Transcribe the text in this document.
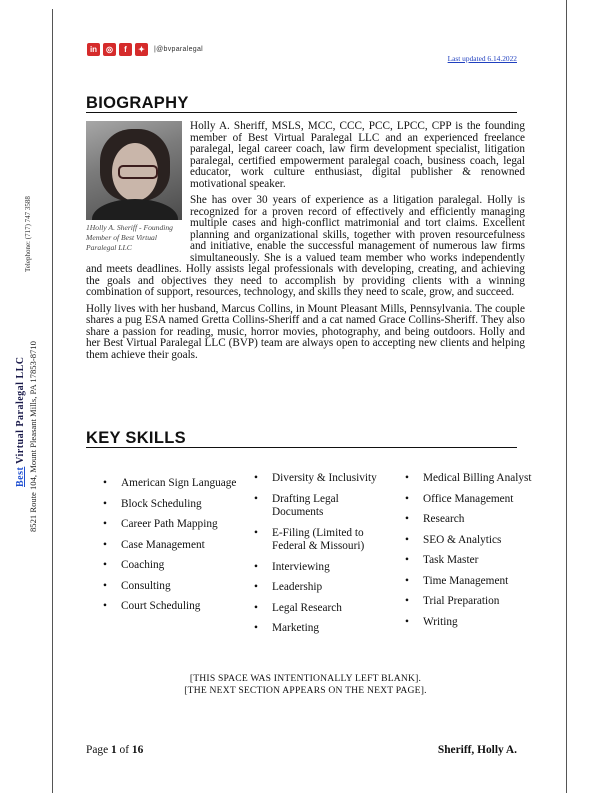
Best Virtual Paralegal LLC 8521 Route 104, Mount Pleasant Mills, PA 17853-8710
Telephone: (717) 747 3588
in	◎	f	✦	|@bvparalegal
Last updated 6.14.2022
BIOGRAPHY

Holly A. Sheriff, MSLS, MCC, CCC, PCC, LPCC, CPP is the founding member of Best Virtual Paralegal LLC and an experienced freelance paralegal, legal career coach, law firm development specialist, litigation paralegal, certified empowerment paralegal coach, business coach, legal educator, work culture enthusiast, digital publisher & renowned motivational speaker.

She has over 30 years of experience as a litigation paralegal. Holly is recognized for a proven record of effectively and efficiently managing multiple cases and high-conflict matrimonial and tort claims. Excellent planning and organizational skills, together with proven resourcefulness and initiative, enable the successful management of numerous law firms simultaneously. She is a valued team member who works independently and meets deadlines. Holly assists legal professionals with developing, creating, and achieving the goals and objectives they need to accomplish by providing clients with a winning combination of support, resources, technology, and skills they need to scale, grow, and succeed.

Holly lives with her husband, Marcus Collins, in Mount Pleasant Mills, Pennsylvania. The couple shares a pug ESA named Gretta Collins-Sheriff and a cat named Grace Collins-Sheriff. They also share a passion for reading, music, horror movies, photography, and being outdoors. Holly and her Best Virtual Paralegal LLC (BVP) team are always open to accepting new clients and helping them achieve their goals.

1Holly A. Sheriff - Founding Member of Best Virtual Paralegal LLC
KEY SKILLS
• American Sign Language
• Block Scheduling
• Career Path Mapping
• Case Management
• Coaching
• Consulting
• Court Scheduling
• Diversity & Inclusivity
• Drafting Legal Documents
• E-Filing (Limited to Federal & Missouri)
• Interviewing
• Leadership
• Legal Research
• Marketing
• Medical Billing Analyst
• Office Management
• Research
• SEO & Analytics
• Task Master
• Time Management
• Trial Preparation
• Writing
[THIS SPACE WAS INTENTIONALLY LEFT BLANK].
[THE NEXT SECTION APPEARS ON THE NEXT PAGE].
Page 1 of 16	Sheriff, Holly A.
